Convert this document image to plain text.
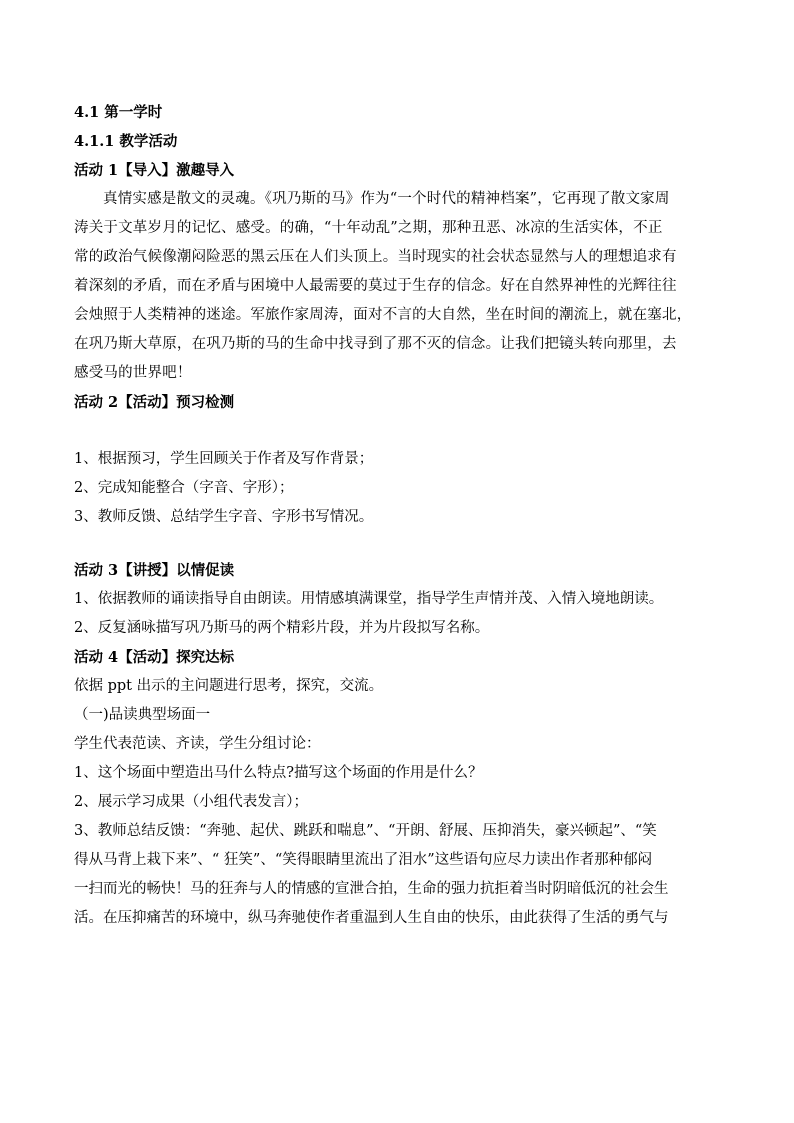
4.1 第一学时
4.1.1 教学活动
活动 1【导入】激趣导入
真情实感是散文的灵魂。《巩乃斯的马》作为“一个时代的精神档案”，它再现了散文家周
涛关于文革岁月的记忆、感受。的确，“十年动乱”之期，那种丑恶、冰凉的生活实体，不正
常的政治气候像潮闷险恶的黑云压在人们头顶上。当时现实的社会状态显然与人的理想追求有
着深刻的矛盾，而在矛盾与困境中人最需要的莫过于生存的信念。好在自然界神性的光辉往往
会烛照于人类精神的迷途。军旅作家周涛，面对不言的大自然，坐在时间的潮流上，就在塞北，
在巩乃斯大草原，在巩乃斯的马的生命中找寻到了那不灭的信念。让我们把镜头转向那里，去
感受马的世界吧！
活动 2【活动】预习检测
1、根据预习，学生回顾关于作者及写作背景；
2、完成知能整合（字音、字形）；
3、教师反馈、总结学生字音、字形书写情况。
活动 3【讲授】以情促读
1、依据教师的诵读指导自由朗读。用情感填满课堂，指导学生声情并茂、入情入境地朗读。
2、反复涵咏描写巩乃斯马的两个精彩片段，并为片段拟写名称。
活动 4【活动】探究达标
依据 ppt 出示的主问题进行思考，探究，交流。
（一)品读典型场面一
学生代表范读、齐读，学生分组讨论：
1、这个场面中塑造出马什么特点?描写这个场面的作用是什么？
2、展示学习成果（小组代表发言）；
3、教师总结反馈：“奔驰、起伏、跳跃和喘息”、“开朗、舒展、压抑消失，豪兴顿起”、“笑
得从马背上栽下来”、“ 狂笑”、“笑得眼睛里流出了泪水”这些语句应尽力读出作者那种郁闷
一扫而光的畅快！马的狂奔与人的情感的宣泄合拍，生命的强力抗拒着当时阴暗低沉的社会生
活。在压抑痛苦的环境中，纵马奔驰使作者重温到人生自由的快乐，由此获得了生活的勇气与
